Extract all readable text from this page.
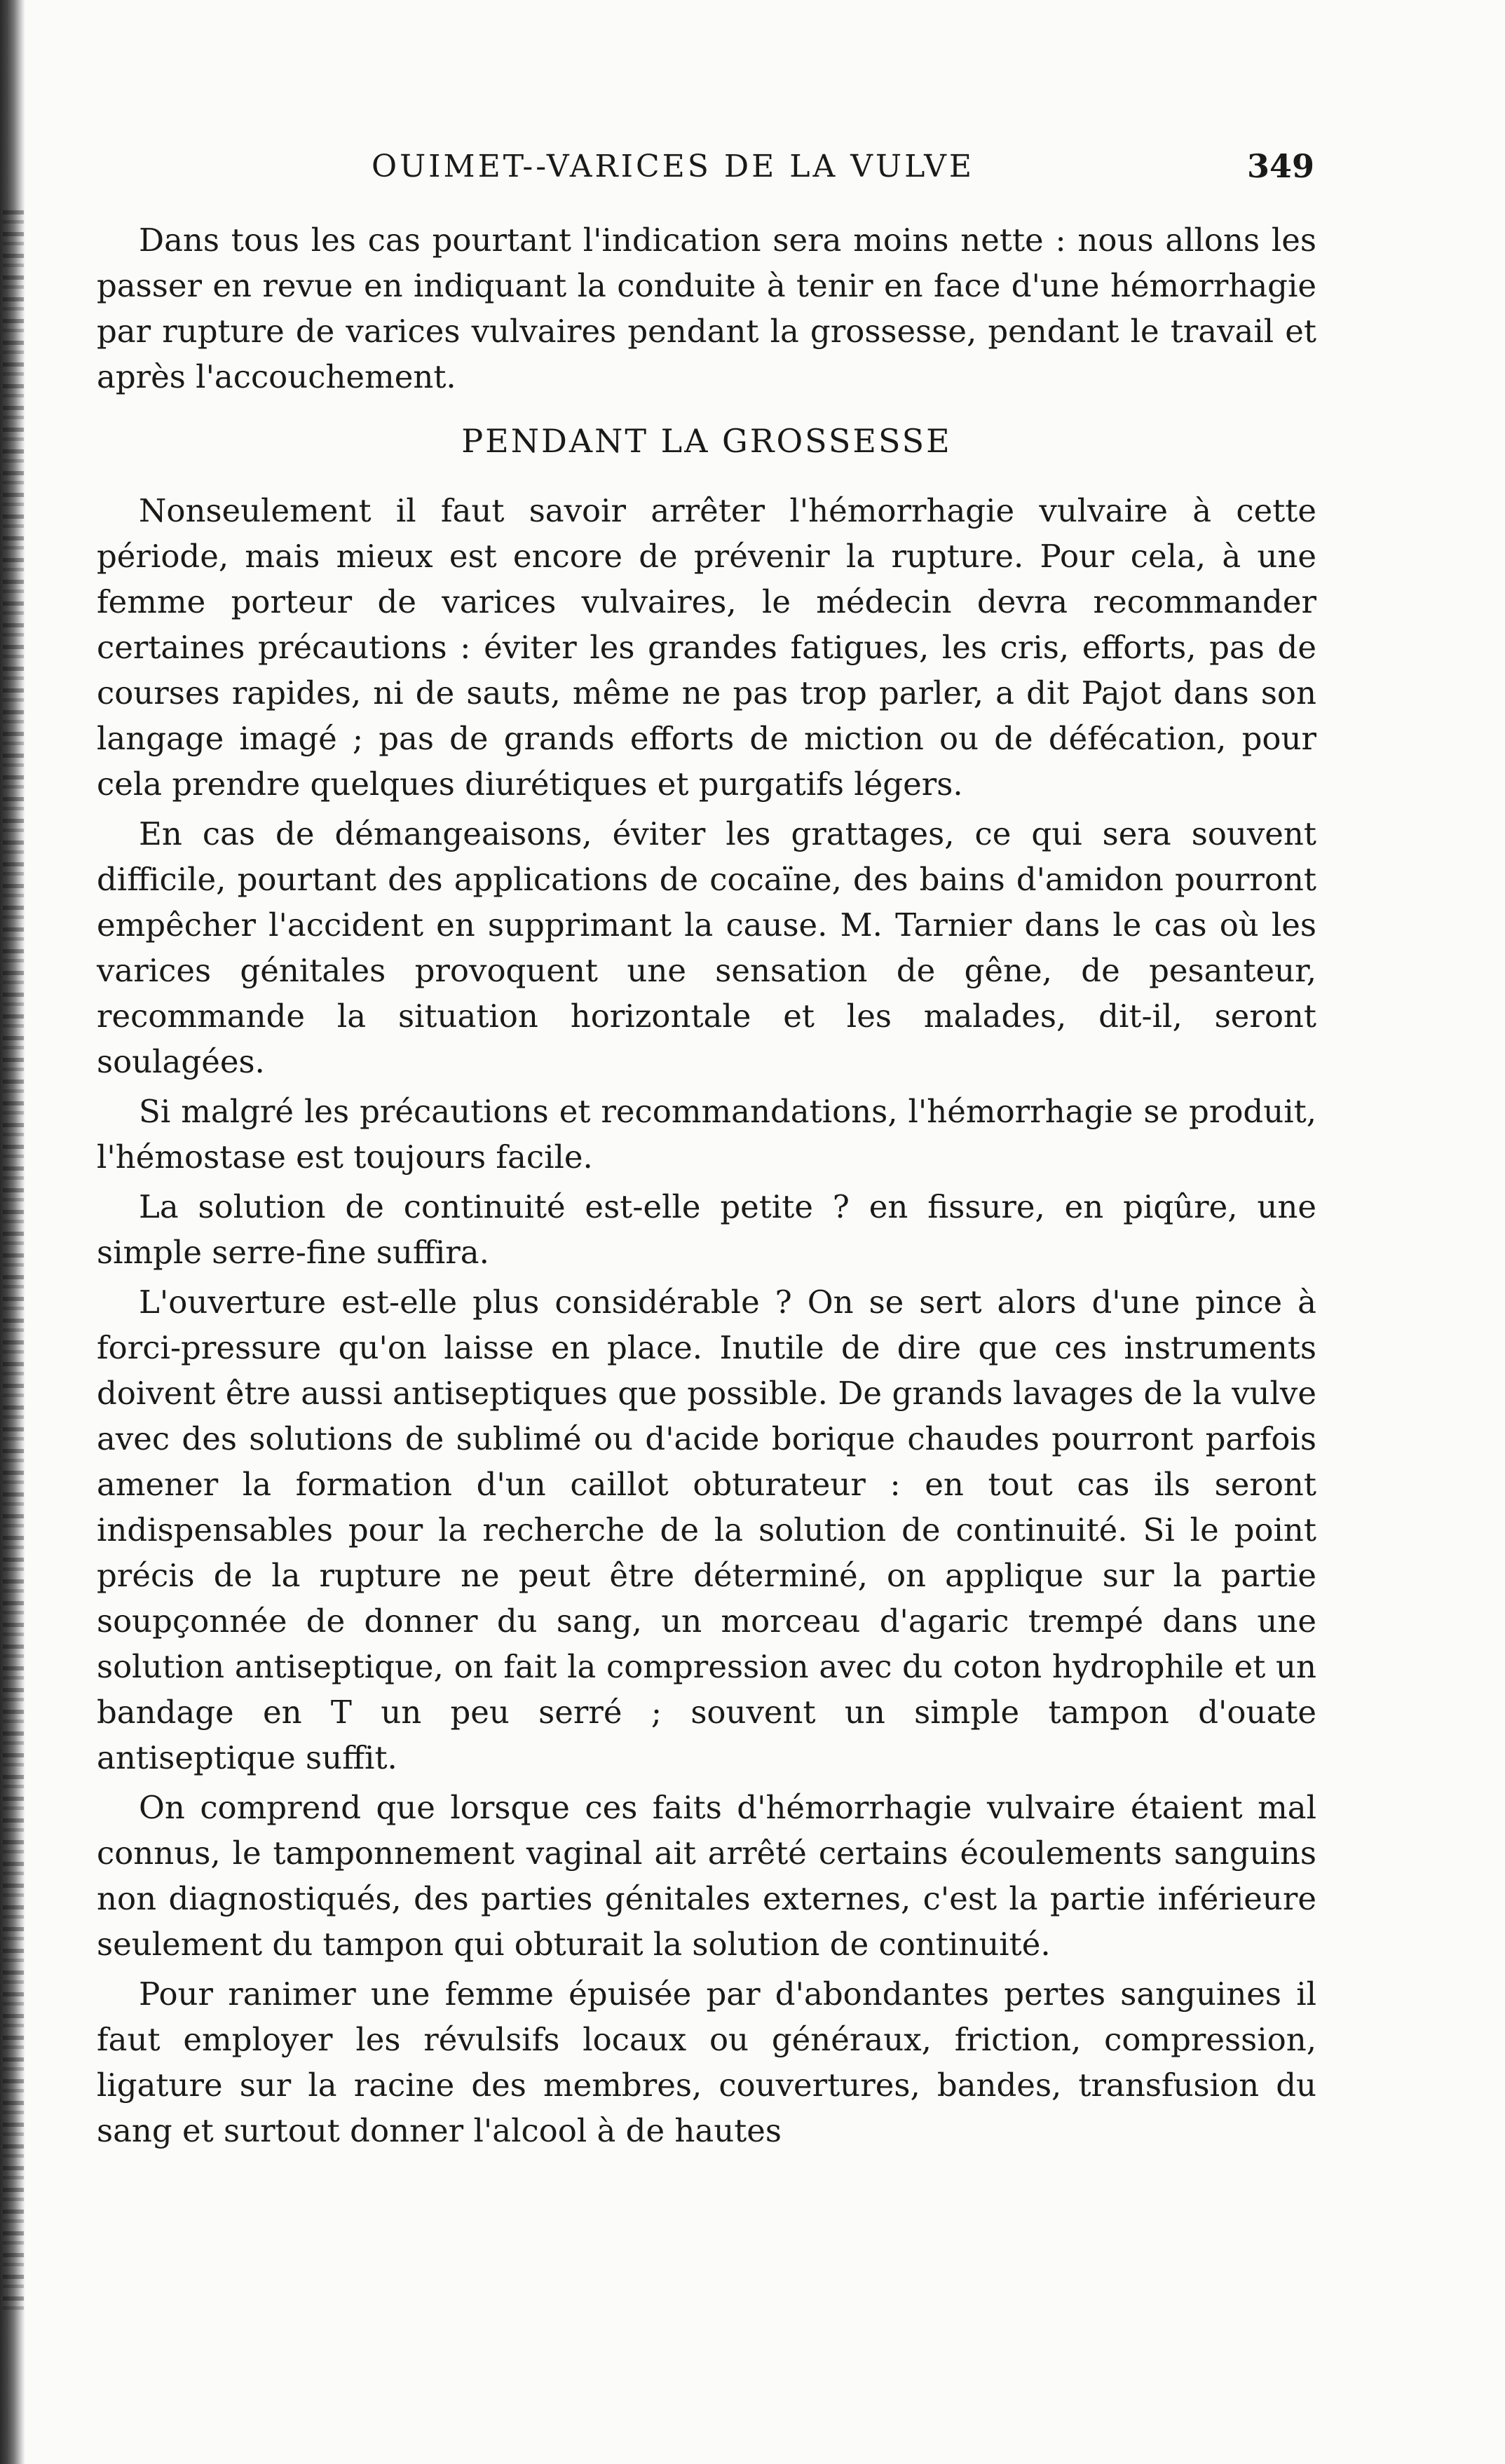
OUIMET--VARICES DE LA VULVE	349

Dans tous les cas pourtant l'indication sera moins nette : nous allons les passer en revue en indiquant la conduite à tenir en face d'une hémorrhagie par rupture de varices vulvaires pendant la grossesse, pendant le travail et après l'accouchement.

PENDANT LA GROSSESSE

Nonseulement il faut savoir arrêter l'hémorrhagie vulvaire à cette période, mais mieux est encore de prévenir la rupture. Pour cela, à une femme porteur de varices vulvaires, le médecin devra recommander certaines précautions : éviter les grandes fatigues, les cris, efforts, pas de courses rapides, ni de sauts, même ne pas trop parler, a dit Pajot dans son langage imagé ; pas de grands efforts de miction ou de défécation, pour cela prendre quelques diurétiques et purgatifs légers.

En cas de démangeaisons, éviter les grattages, ce qui sera souvent difficile, pourtant des applications de cocaïne, des bains d'amidon pourront empêcher l'accident en supprimant la cause. M. Tarnier dans le cas où les varices génitales provoquent une sensation de gêne, de pesanteur, recommande la situation horizontale et les malades, dit-il, seront soulagées.

Si malgré les précautions et recommandations, l'hémorrhagie se produit, l'hémostase est toujours facile.

La solution de continuité est-elle petite ? en fissure, en piqûre, une simple serre-fine suffira.

L'ouverture est-elle plus considérable ? On se sert alors d'une pince à forci-pressure qu'on laisse en place. Inutile de dire que ces instruments doivent être aussi antiseptiques que possible. De grands lavages de la vulve avec des solutions de sublimé ou d'acide borique chaudes pourront parfois amener la formation d'un caillot obturateur : en tout cas ils seront indispensables pour la recherche de la solution de continuité. Si le point précis de la rupture ne peut être déterminé, on applique sur la partie soupçonnée de donner du sang, un morceau d'agaric trempé dans une solution antiseptique, on fait la compression avec du coton hydrophile et un bandage en T un peu serré ; souvent un simple tampon d'ouate antiseptique suffit.

On comprend que lorsque ces faits d'hémorrhagie vulvaire étaient mal connus, le tamponnement vaginal ait arrêté certains écoulements sanguins non diagnostiqués, des parties génitales externes, c'est la partie inférieure seulement du tampon qui obturait la solution de continuité.

Pour ranimer une femme épuisée par d'abondantes pertes sanguines il faut employer les révulsifs locaux ou généraux, friction, compression, ligature sur la racine des membres, couvertures, bandes, transfusion du sang et surtout donner l'alcool à de hautes
